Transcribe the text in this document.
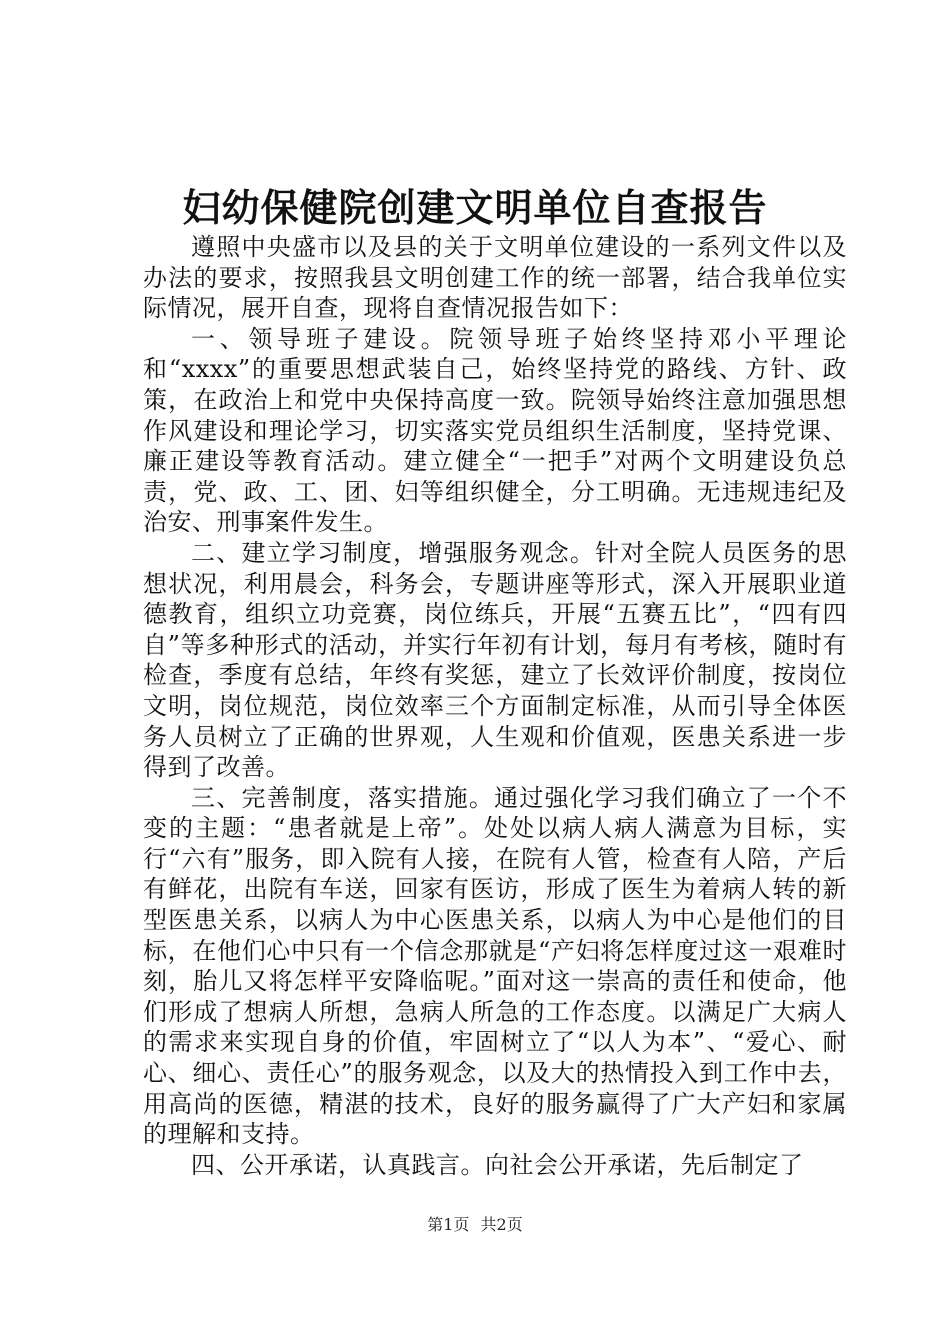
妇幼保健院创建文明单位自查报告

遵照中央盛市以及县的关于文明单位建设的一系列文件以及办法的要求，按照我县文明创建工作的统一部署，结合我单位实际情况，展开自查，现将自查情况报告如下：

一、领导班子建设。院领导班子始终坚持邓小平理论和“xxxx”的重要思想武装自己，始终坚持党的路线、方针、政策，在政治上和党中央保持高度一致。院领导始终注意加强思想作风建设和理论学习，切实落实党员组织生活制度，坚持党课、廉正建设等教育活动。建立健全“一把手”对两个文明建设负总责，党、政、工、团、妇等组织健全，分工明确。无违规违纪及治安、刑事案件发生。

二、建立学习制度，增强服务观念。针对全院人员医务的思想状况，利用晨会，科务会，专题讲座等形式，深入开展职业道德教育，组织立功竞赛，岗位练兵，开展“五赛五比”，“四有四自”等多种形式的活动，并实行年初有计划，每月有考核，随时有检查，季度有总结，年终有奖惩，建立了长效评价制度，按岗位文明，岗位规范，岗位效率三个方面制定标准，从而引导全体医务人员树立了正确的世界观，人生观和价值观，医患关系进一步得到了改善。

三、完善制度，落实措施。通过强化学习我们确立了一个不变的主题：“患者就是上帝”。处处以病人病人满意为目标，实行“六有”服务，即入院有人接，在院有人管，检查有人陪，产后有鲜花，出院有车送，回家有医访，形成了医生为着病人转的新型医患关系，以病人为中心医患关系，以病人为中心是他们的目标，在他们心中只有一个信念那就是“产妇将怎样度过这一艰难时刻，胎儿又将怎样平安降临呢。”面对这一崇高的责任和使命，他们形成了想病人所想，急病人所急的工作态度。以满足广大病人的需求来实现自身的价值，牢固树立了“以人为本”、“爱心、耐心、细心、责任心”的服务观念，以及大的热情投入到工作中去，用高尚的医德，精湛的技术，良好的服务赢得了广大产妇和家属的理解和支持。

四、公开承诺，认真践言。向社会公开承诺，先后制定了

第1页 共2页
